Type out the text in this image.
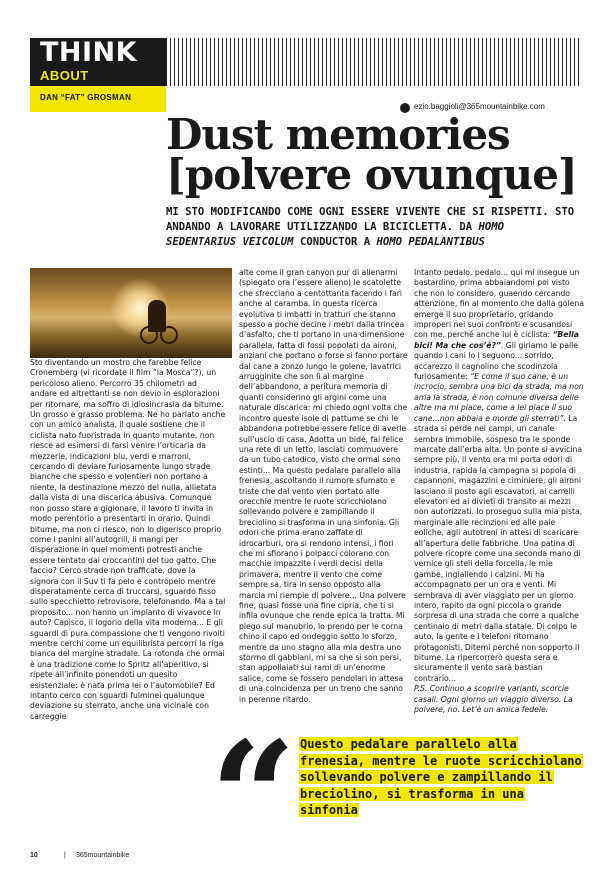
THINK
ABOUT
DAN “FAT” GROSMAN
ezio.baggioli@365mountainbike.com
Dust memories
[polvere ovunque]
MI STO MODIFICANDO COME OGNI ESSERE VIVENTE CHE SI RISPETTI. STO ANDANDO A LAVORARE UTILIZZANDO LA BICICLETTA. DA HOMO SEDENTARIUS VEICOLUM CONDUCTOR A HOMO PEDALANTIBUS
Sto diventando un mostro che farebbe felice Cronemberg (vi ricordate il film “la Mosca”?), un pericoloso alieno. Percorro 35 chilometri ad andare ed altrettanti se non devio in esplorazioni per ritornare, ma soffro di idiosincrasia da bitume. Un grosso e grasso problema. Ne ho parlato anche con un amico analista, il quale sostiene che il ciclista nato fuoristrada in quanto mutante, non riesce ad esimersi di farsi venire l’orticaria da mezzerie, indicazioni blu, verdi e marroni, cercando di deviare furiosamente lungo strade bianche che spesso e volentieri non portano a niente, la destinazione mezzo del nulla, allietata dalla vista di una discarica abusiva. Comunque non posso stare a gigionare, il lavoro ti invita in modo perentorio a presentarti in orario. Quindi bitume, ma non ci riesco, non lo digerisco proprio come i panini all’autogrill, li mangi per disperazione in quei momenti potresti anche essere tentato dai croccantini del tuo gatto. Che faccio? Cerco strade non trafficate, dove la signora con il Suv ti fa pelo e contropelo mentre disperatamente cerca di truccarsi, sguardo fisso sullo specchietto retrovisore, telefonando. Ma a tal proposito... non hanno un impianto di vivavoce in auto? Capisco, il logorio della vita moderna... E gli sguardi di pura compassione che ti vengono rivolti mentre cerchi come un equilibrista percorri la riga bianca del margine stradale. La rotonda che ormai è una tradizione come lo Spritz all’aperitivo, si ripete all’infinito ponendoti un quesito esistenziale: è nata prima lei o l’automobile? Ed intanto cerco con sguardi fulminei qualunque deviazione su sterrato, anche una vicinale con carreggie
alte come il gran canyon pur di alienarmi (spiegato ora l’essere alieno) le scatolette che sfrecciano a centottanta facendo i fari anche al caramba. In questa ricerca evolutiva ti imbatti in tratturi che stanno spesso a poche decine i metri dalla trincea d’asfalto, che ti portano in una dimensione parallela, fatta di fossi popolati da aironi, anziani che portano o forse si fanno portare dal cane a zonzo lungo le golene, lavatrici arrugginite che son lì al margine dell’abbandono, a peritura memoria di quanti considerino gli argini come una naturale discarica: mi chiedo ogni volta che incontro queste isole di pattume se chi le abbandona potrebbe essere felice di averle sull’uscio di casa. Adotta un bidè, fai felice una rete di un letto, lasciati commuovere da un tubo catodico, visto che ormai sono estinti... Ma questo pedalare parallelo alla frenesia, ascoltando il rumore sfumato e triste che dal vento vien portato alle orecchie mentre le ruote scricchiolano sollevando polvere e zampillando il breciolino si trasforma in una sinfonia. Gli odori che prima erano zaffate di idrocarburi, ora si rendono intensi, i fiori che mi sfiorano i polpacci colorano con macchie impazzite i verdi decisi della primavera, mentre il vento che come sempre sa, tira in senso opposto alla marcia mi riempie di polvere... Una polvere fine, quasi fosse una fine cipria, che ti si infila ovunque che rende epica la tratta. Mi piego sul manubrio, lo prendo per le corna chino il capo ed ondeggio sotto lo sforzo, mentre da uno stagno alla mia destra uno stormo di gabbiani, mi sa che si son persi, stan appollaiati sui rami di un’enorme salice, come se fossero pendolari in attesa di una coincidenza per un treno che sanno in perenne ritardo.
Intanto pedalo, pedalo... qui mi insegue un bastardino, prima abbaiandomi poi visto che non lo considero, guaendo cercando attenzione, fin al momento che dalla golena emerge il suo proprietario, gridando improperi nei suoi confronti e scusandosi con me, perché anche lui è ciclista: “Bella bici! Ma che cos’è?”. Gli giriamo le palle quando i cani lo i seguono... sorrido, accarezzo il cagnolino che scodinzola furiosamente: “E come il suo cane, è un incrocio, sembra una bici da strada, ma non ama la strada, è non comune diversa delle altre ma mi piace, come a lei piace il suo cane...non abbaia e morde gli sterrati”. La strada si perde nei campi, un canale sembra immobile, sospeso tra le sponde marcate dall’erba alta. Un ponte si avvicina sempre più, il vento ora mi porta odori di industria, rapida la campagna si popola di capannoni, magazzini e ciminiere, gli aironi lasciano il posto agli escavatori, ai carrelli elevatori ed ai divieti di transito ai mezzi non autorizzati. Io proseguo sulla mia pista, marginale alle recinzioni ed alle pale eoliche, agli autotreni in attesi di scaricare all’apertura delle fabbriche. Una patina di polvere ricopre come una seconda mano di vernice gli steli della forcella, le mie gambe, ingiallendo i calzini. Mi ha accompagnato per un ora e venti. Mi sembrava di aver viaggiato per un giorno intero, rapito da ogni piccola o grande sorpresa di una strada che corre a qualche centinaio di metri dalla statale. Di colpo le auto, la gente e i telefoni ritornano protagonisti. Ditemi perché non sopporto il bitume. La ripercorrerò questa sera e sicuramente il vento sarà bastian contrario...
P.S. Continuo a scoprire varianti, scorcie casali. Ogni giorno un viaggio diverso. La polvere, no. Let’è un amica fedele.
“ Questo pedalare parallelo alla frenesia, mentre le ruote scricchiolano sollevando polvere e zampillando il breciolino, si trasforma in una sinfonia
10	| 365mountainbike
